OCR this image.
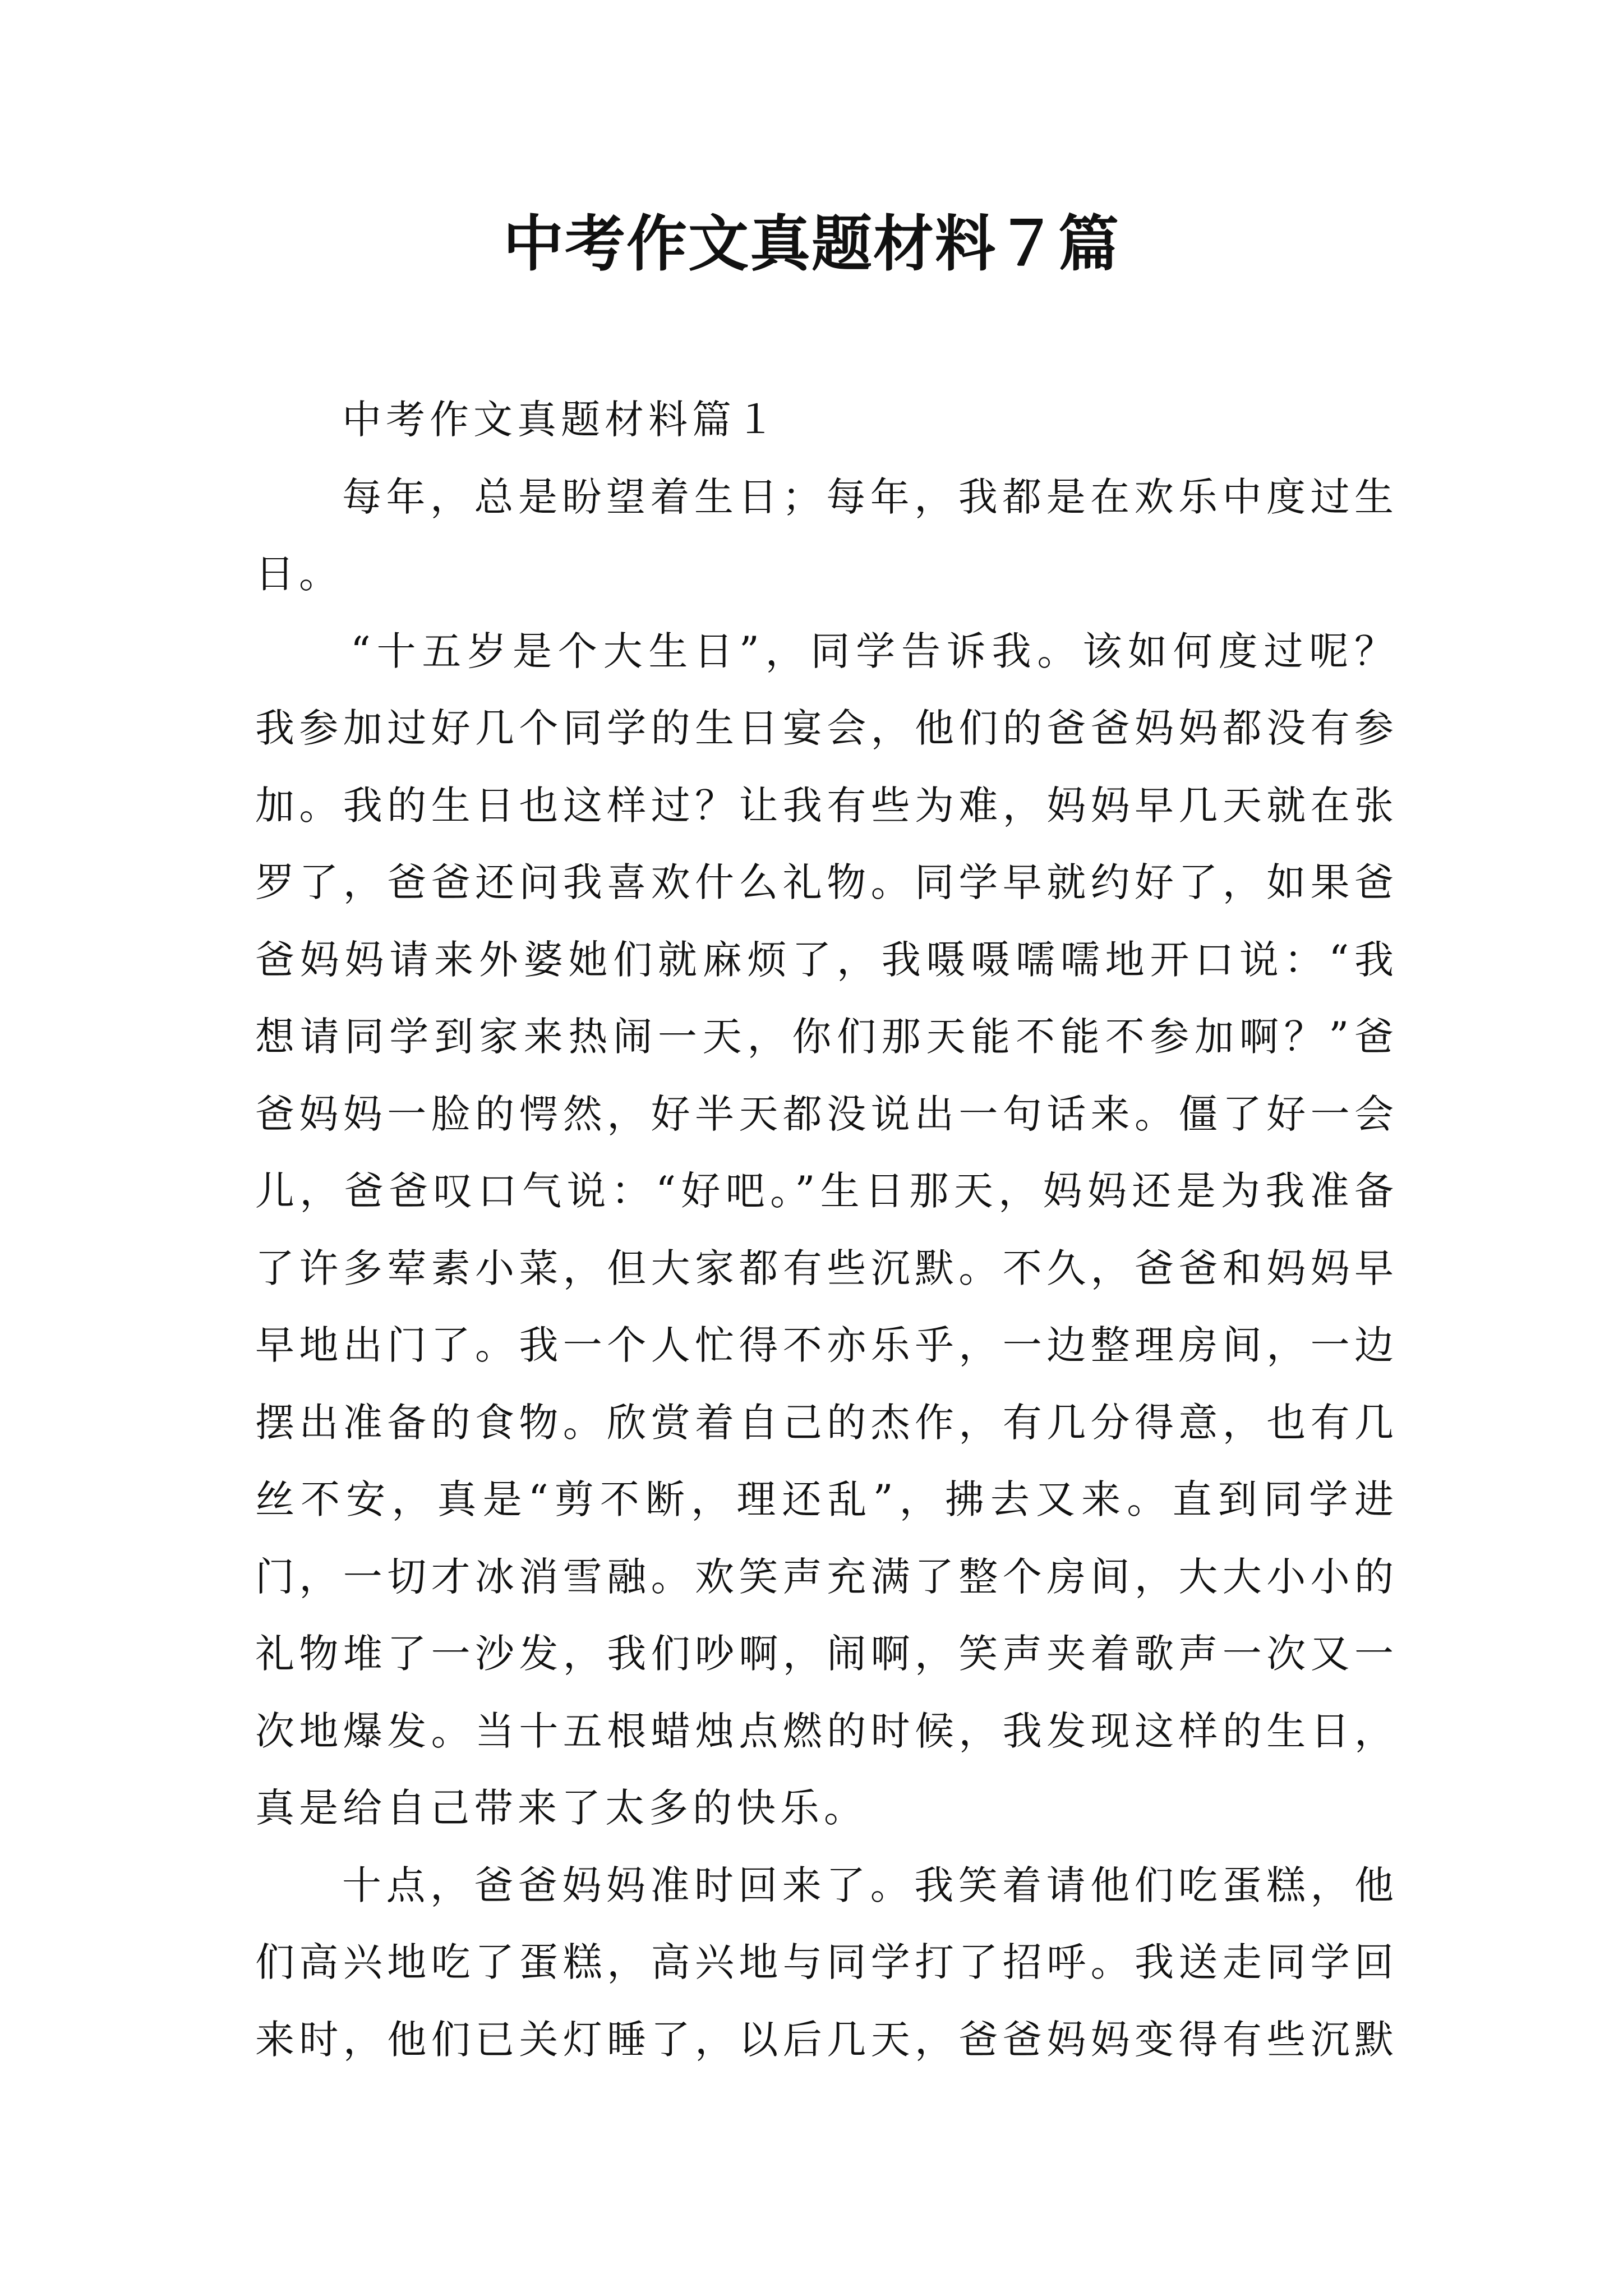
中考作文真题材料７篇
中考作文真题材料篇１
每年，总是盼望着生日；每年，我都是在欢乐中度过生
日。
“十五岁是个大生日”，同学告诉我。该如何度过呢？
我参加过好几个同学的生日宴会，他们的爸爸妈妈都没有参
加。我的生日也这样过？让我有些为难，妈妈早几天就在张
罗了，爸爸还问我喜欢什么礼物。同学早就约好了，如果爸
爸妈妈请来外婆她们就麻烦了，我嗫嗫嚅嚅地开口说：“我
想请同学到家来热闹一天，你们那天能不能不参加啊？”爸
爸妈妈一脸的愕然，好半天都没说出一句话来。僵了好一会
儿，爸爸叹口气说：“好吧。”生日那天，妈妈还是为我准备
了许多荤素小菜，但大家都有些沉默。不久，爸爸和妈妈早
早地出门了。我一个人忙得不亦乐乎，一边整理房间，一边
摆出准备的食物。欣赏着自己的杰作，有几分得意，也有几
丝不安，真是“剪不断，理还乱”，拂去又来。直到同学进
门，一切才冰消雪融。欢笑声充满了整个房间，大大小小的
礼物堆了一沙发，我们吵啊，闹啊，笑声夹着歌声一次又一
次地爆发。当十五根蜡烛点燃的时候，我发现这样的生日，
真是给自己带来了太多的快乐。
十点，爸爸妈妈准时回来了。我笑着请他们吃蛋糕，他
们高兴地吃了蛋糕，高兴地与同学打了招呼。我送走同学回
来时，他们已关灯睡了，以后几天，爸爸妈妈变得有些沉默
